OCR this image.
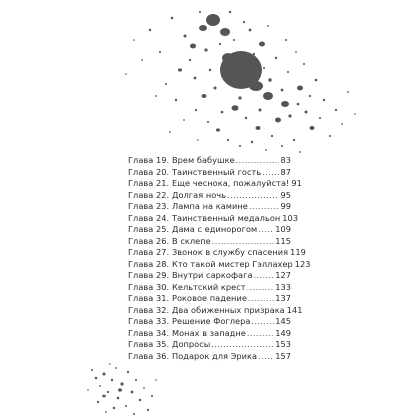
Глава 19. Врем бабушке .....	83
Глава 20. Таинственный гость ..... 87
Глава 21. Еще чеснока, пожалуйста! 91
Глава 22. Долгая ночь .....	95
Глава 23. Лампа на камине .....	99
Глава 24. Таинственный медальон 103
Глава 25. Дама с единорогом ..... 109
Глава 26. В склепе .....	115
Глава 27. Звонок в службу спасения 119
Глава 28. Кто такой мистер Гэллахер 123
Глава 29. Внутри саркофага .....	127
Глава 30. Кельтский крест .....	133
Глава 31. Роковое падение .....	137
Глава 32. Два обиженных призрака 141
Глава 33. Решение Фоглера .....	145
Глава 34. Монах в западне .....	149
Глава 35. Допросы .....	153
Глава 36. Подарок для Эрика ..... 157
